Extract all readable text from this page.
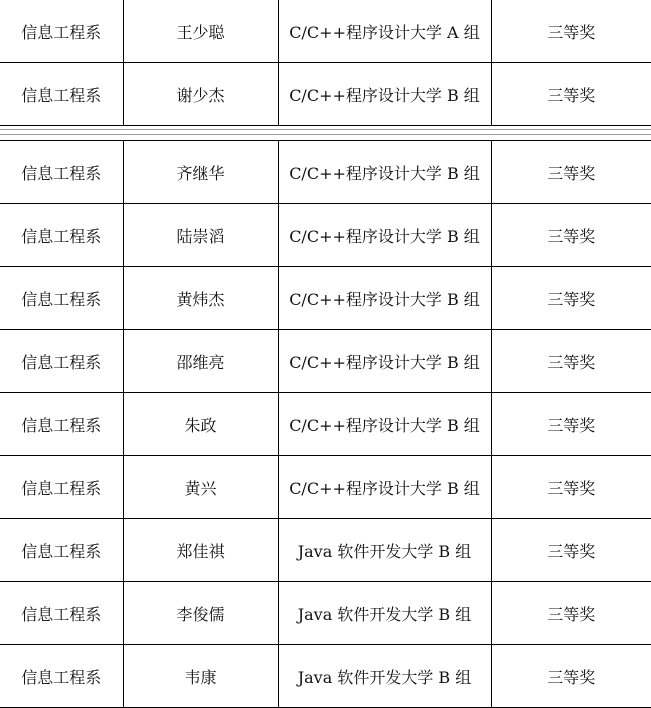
信息工程系	王少聪	C/C++程序设计大学 A 组	三等奖
信息工程系	谢少杰	C/C++程序设计大学 B 组	三等奖
信息工程系	齐继华	C/C++程序设计大学 B 组	三等奖
信息工程系	陆崇滔	C/C++程序设计大学 B 组	三等奖
信息工程系	黄炜杰	C/C++程序设计大学 B 组	三等奖
信息工程系	邵维亮	C/C++程序设计大学 B 组	三等奖
信息工程系	朱政	C/C++程序设计大学 B 组	三等奖
信息工程系	黄兴	C/C++程序设计大学 B 组	三等奖
信息工程系	郑佳祺	Java 软件开发大学 B 组	三等奖
信息工程系	李俊儒	Java 软件开发大学 B 组	三等奖
信息工程系	韦康	Java 软件开发大学 B 组	三等奖
